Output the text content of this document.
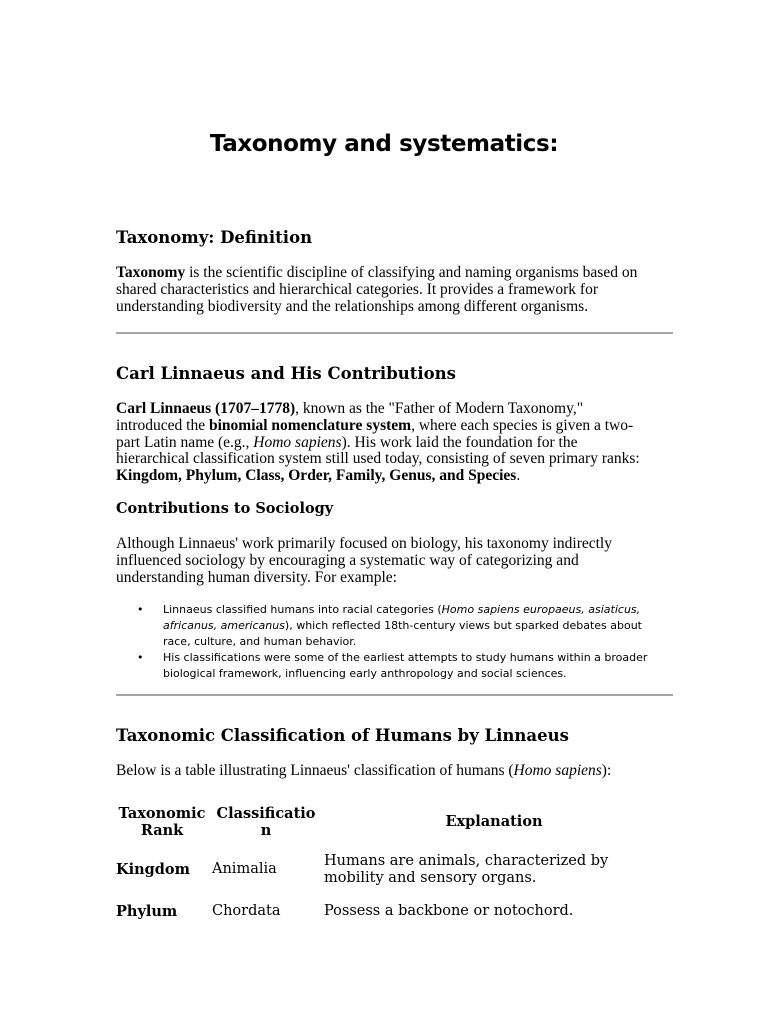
Taxonomy and systematics:
Taxonomy: Definition

Taxonomy is the scientific discipline of classifying and naming organisms based on shared characteristics and hierarchical categories. It provides a framework for understanding biodiversity and the relationships among different organisms.

Carl Linnaeus and His Contributions

Carl Linnaeus (1707–1778), known as the "Father of Modern Taxonomy," introduced the binomial nomenclature system, where each species is given a two-part Latin name (e.g., Homo sapiens). His work laid the foundation for the hierarchical classification system still used today, consisting of seven primary ranks: Kingdom, Phylum, Class, Order, Family, Genus, and Species.

Contributions to Sociology

Although Linnaeus' work primarily focused on biology, his taxonomy indirectly influenced sociology by encouraging a systematic way of categorizing and understanding human diversity. For example:

• Linnaeus classified humans into racial categories (Homo sapiens europaeus, asiaticus, africanus, americanus), which reflected 18th-century views but sparked debates about race, culture, and human behavior.
• His classifications were some of the earliest attempts to study humans within a broader biological framework, influencing early anthropology and social sciences.
Taxonomic Classification of Humans by Linnaeus

Below is a table illustrating Linnaeus' classification of humans (Homo sapiens):

Taxonomic Rank	Classification	Explanation
Kingdom	Animalia	Humans are animals, characterized by mobility and sensory organs.
Phylum	Chordata	Possess a backbone or notochord.
